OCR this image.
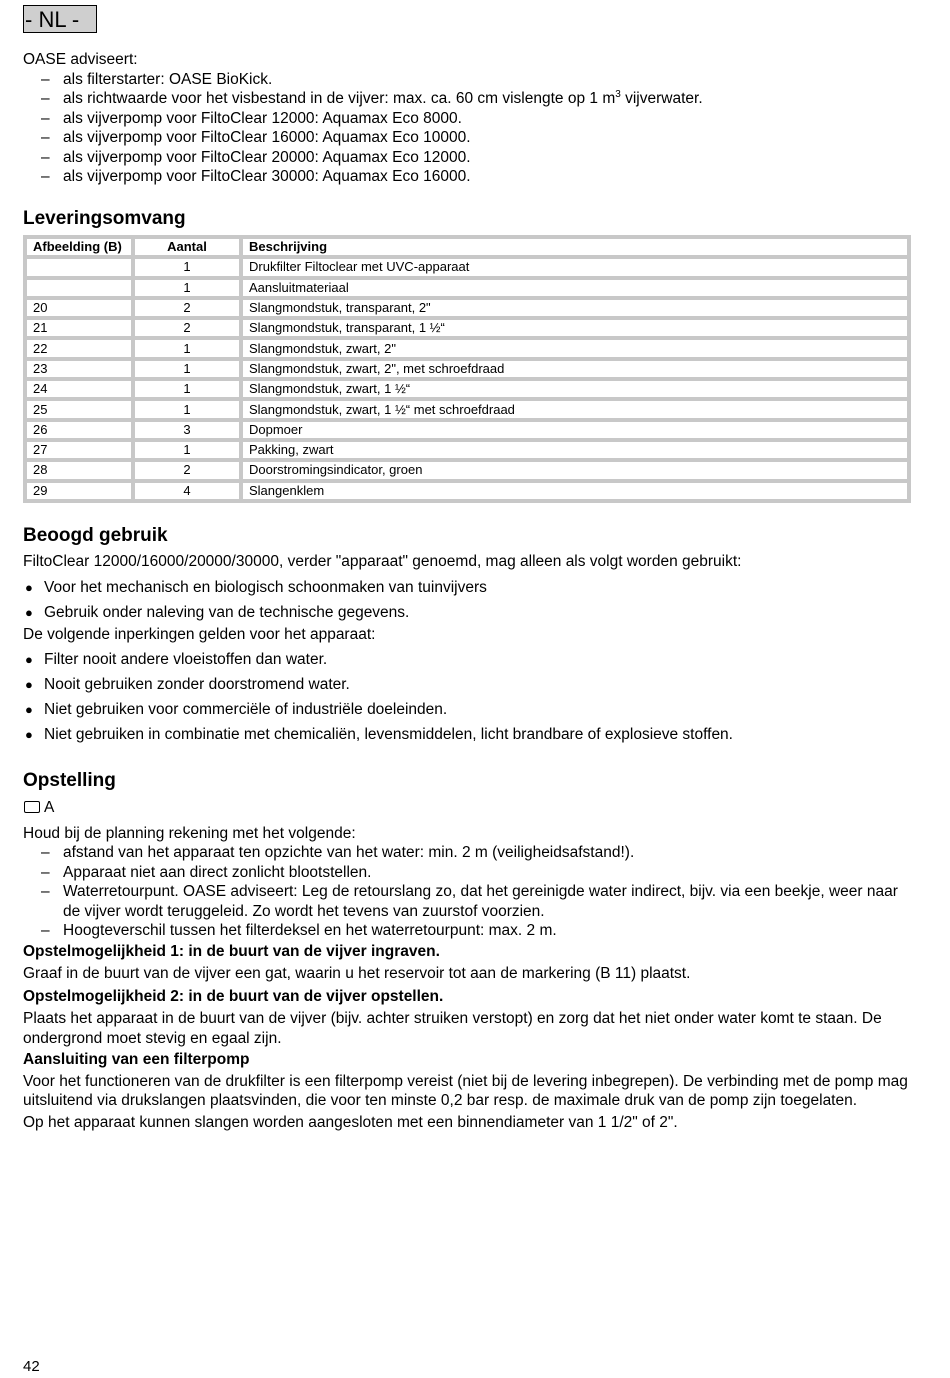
- NL -

OASE adviseert:

– als filterstarter: OASE BioKick.
– als richtwaarde voor het visbestand in de vijver: max. ca. 60 cm vislengte op 1 $m^3$ vijverwater.
– als vijverpomp voor FiltoClear 12000: Aquamax Eco 8000.
– als vijverpomp voor FiltoClear 16000: Aquamax Eco 10000.
– als vijverpomp voor FiltoClear 20000: Aquamax Eco 12000.
– als vijverpomp voor FiltoClear 30000: Aquamax Eco 16000.
Leveringsomvang
Afbeelding (B)	Aantal	Beschrijving
	1	Drukfilter Filtoclear met UVC-apparaat
	1	Aansluitmateriaal
20	2	Slangmondstuk, transparant, 2"
21	2	Slangmondstuk, transparant, 1 ½“
22	1	Slangmondstuk, zwart, 2"
23	1	Slangmondstuk, zwart, 2", met schroefdraad
24	1	Slangmondstuk, zwart, 1 ½“
25	1	Slangmondstuk, zwart, 1 ½“ met schroefdraad
26	3	Dopmoer
27	1	Pakking, zwart
28	2	Doorstromingsindicator, groen
29	4	Slangenklem
Beoogd gebruik

FiltoClear 12000/16000/20000/30000, verder "apparaat" genoemd, mag alleen als volgt worden gebruikt:

● Voor het mechanisch en biologisch schoonmaken van tuinvijvers
● Gebruik onder naleving van de technische gegevens.

De volgende inperkingen gelden voor het apparaat:

● Filter nooit andere vloeistoffen dan water.
● Nooit gebruiken zonder doorstromend water.
● Niet gebruiken voor commerciële of industriële doeleinden.
● Niet gebruiken in combinatie met chemicaliën, levensmiddelen, licht brandbare of explosieve stoffen.
Opstelling

A

Houd bij de planning rekening met het volgende:

– afstand van het apparaat ten opzichte van het water: min. 2 m (veiligheidsafstand!).
– Apparaat niet aan direct zonlicht blootstellen.
– Waterretourpunt. OASE adviseert: Leg de retourslang zo, dat het gereinigde water indirect, bijv. via een beekje, weer naar de vijver wordt teruggeleid. Zo wordt het tevens van zuurstof voorzien.
– Hoogteverschil tussen het filterdeksel en het waterretourpunt: max. 2 m.

Opstelmogelijkheid 1: in de buurt van de vijver ingraven.

Graaf in de buurt van de vijver een gat, waarin u het reservoir tot aan de markering (B 11) plaatst.

Opstelmogelijkheid 2: in de buurt van de vijver opstellen.

Plaats het apparaat in de buurt van de vijver (bijv. achter struiken verstopt) en zorg dat het niet onder water komt te staan. De ondergrond moet stevig en egaal zijn.

Aansluiting van een filterpomp

Voor het functioneren van de drukfilter is een filterpomp vereist (niet bij de levering inbegrepen). De verbinding met de pomp mag uitsluitend via drukslangen plaatsvinden, die voor ten minste 0,2 bar resp. de maximale druk van de pomp zijn toegelaten.

Op het apparaat kunnen slangen worden aangesloten met een binnendiameter van 1 1/2" of 2".

42
